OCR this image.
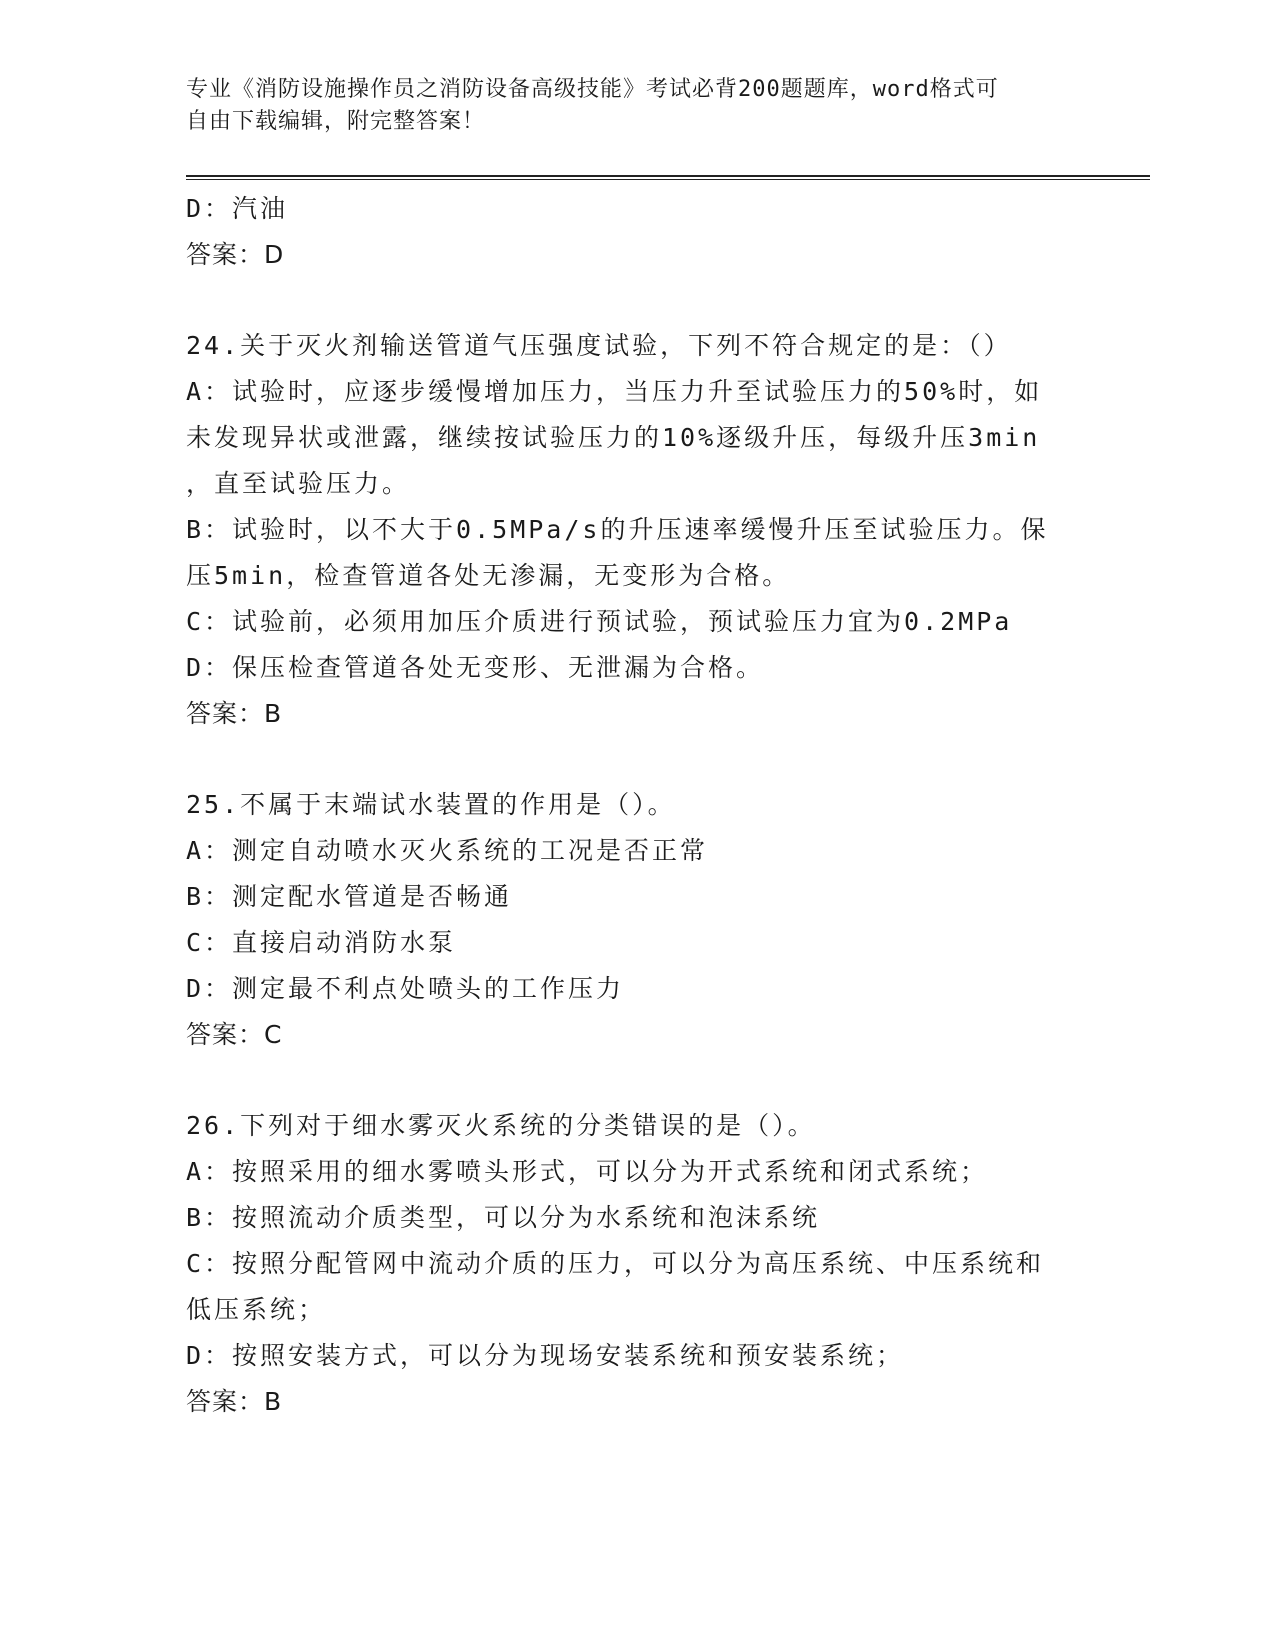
专业《消防设施操作员之消防设备高级技能》考试必背200题题库，word格式可
自由下载编辑，附完整答案！
D：汽油
答案：D
24.关于灭火剂输送管道气压强度试验，下列不符合规定的是：（）
A：试验时，应逐步缓慢增加压力，当压力升至试验压力的50%时，如
未发现异状或泄露，继续按试验压力的10%逐级升压，每级升压3min
，直至试验压力。
B：试验时，以不大于0.5MPa/s的升压速率缓慢升压至试验压力。保
压5min，检查管道各处无渗漏，无变形为合格。
C：试验前，必须用加压介质进行预试验，预试验压力宜为0.2MPa
D：保压检查管道各处无变形、无泄漏为合格。
答案：B
25.不属于末端试水装置的作用是（）。
A：测定自动喷水灭火系统的工况是否正常
B：测定配水管道是否畅通
C：直接启动消防水泵
D：测定最不利点处喷头的工作压力
答案：C
26.下列对于细水雾灭火系统的分类错误的是（）。
A：按照采用的细水雾喷头形式，可以分为开式系统和闭式系统；
B：按照流动介质类型，可以分为水系统和泡沫系统
C：按照分配管网中流动介质的压力，可以分为高压系统、中压系统和
低压系统；
D：按照安装方式，可以分为现场安装系统和预安装系统；
答案：B
